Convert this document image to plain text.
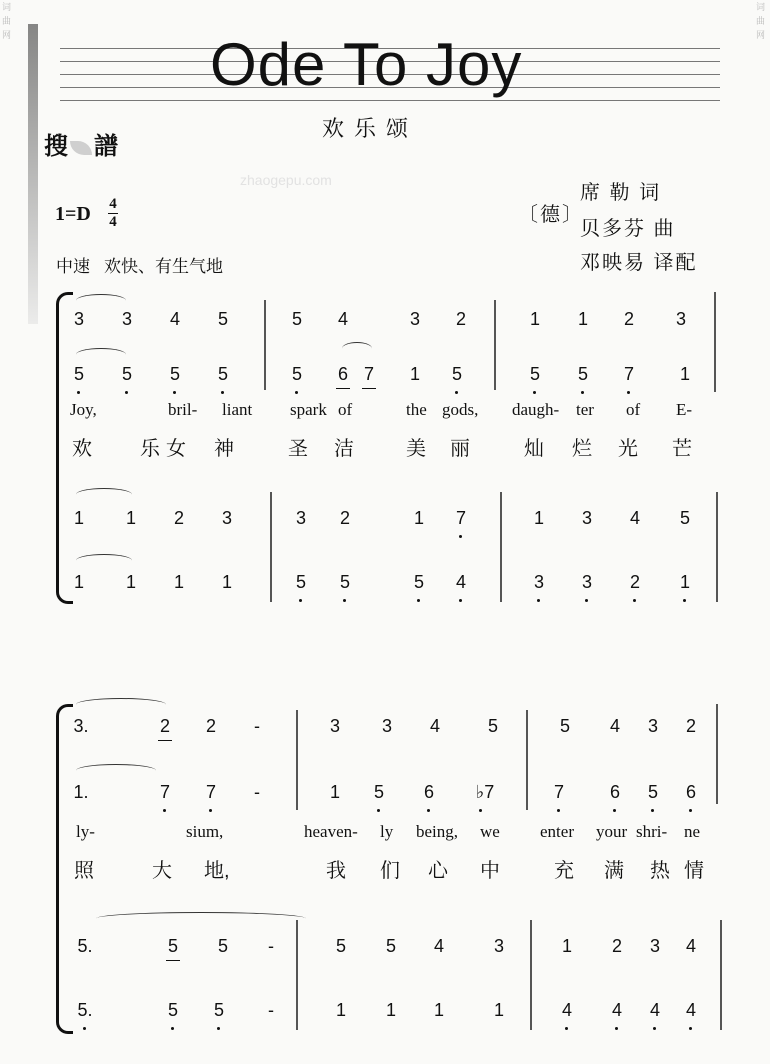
词曲网
词曲网
Ode To Joy
欢乐颂
搜 譜
zhaogepu.com
1=D 4
4
中速 欢快、有生气地
〔德〕
席 勒 词
贝多芬 曲
邓映易 译配
3	3	4	5	5	4	3	2	1	1	2	3
5	5	5	5	5	6 7	1	5	5	5	7	1
Joy,	bril- liant spark of	the gods, daugh- ter of E-
欢 乐 女 神	圣 洁	美 丽	灿 烂 光 芒
1	1	2	3	3	2	1	7	1	3	4	5
1	1	1	1	5	5	5	4	3	3	2	1
3.	2	2	-	3	3	4	5	5	4	3	2
1.	7	7	-	1	5	6	♭7	7	6	5	6
ly-	sium,	heaven- ly being, we enter your shri- ne
照	大 地,	我 们 心 中	充 满 热 情
5.	5	5	-	5	5	4	3	1	2	3	4
5.	5	5	-	1	1	1	1	4	4	4	4
